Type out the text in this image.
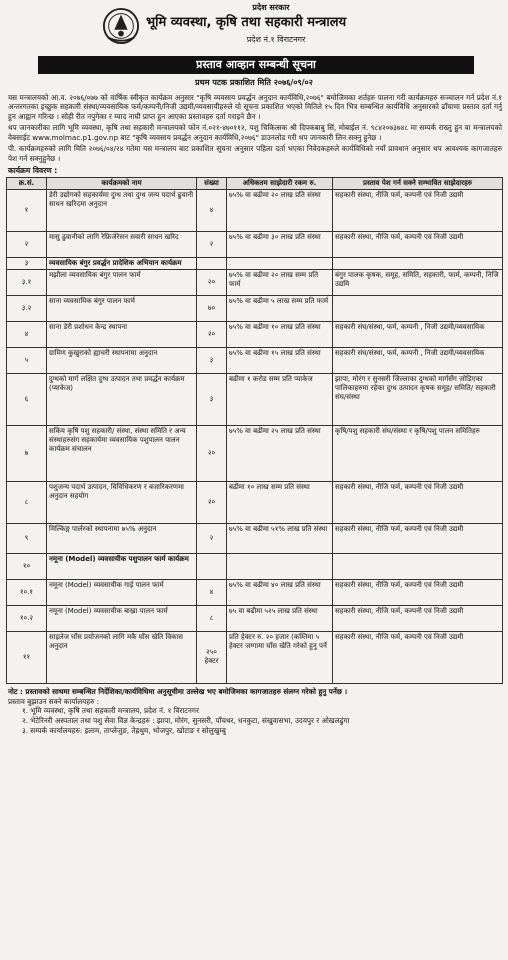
प्रदेश सरकार
भूमि व्यवस्था, कृषि तथा सहकारी मन्त्रालय
प्रदेश नं.१ विराटनगर
प्रस्ताव आव्हान सम्बन्धी सूचना
प्रथम पटक प्रकाशित मिति २०७६/०९/०२
यस मन्त्रालयको आ.व. २०७६/०७७ को वार्षिक स्वीकृत कार्यक्रम अनुसार "कृषि व्यवसाय प्रवर्द्धन अनुदान कार्यविधि,२०७६" बमोजिमका शर्तहरु पालना गरी कार्यक्रमहरु सञ्चालन गर्न प्रदेश नं.१ अन्तरगतका इच्छुक सहकारी संस्था/व्यवसायिक फर्म/कम्पनी/निजी उद्यमी/व्यवसायीहरुले यो सूचना प्रकाशित भएको मितिले १५ दिन भित्र सम्बन्धित कार्यविधि अनुसारको ढाँचामा प्रस्ताव दर्ता गर्नु हुन आह्वान गरिन्छ । सोही रीत नपुगेका र म्याद नाघी प्राप्त हुन आएका प्रस्तावहरु दर्ता गराइने छैन ।
थप जानकारीका लागि भूमि व्यवस्था, कृषि तथा सहकारी मन्त्रालयको फोन नं.०२१-४७०११२, पशु चिकित्सक श्री दिपकबाबु सिं, मोबाईल नं. ९८४२०७३७४८ मा सम्पर्क राख्नु हुन वा मन्त्रालयको वेबसाईट www.molmac.p1.gov.np बाट "कृषि व्यवसाय प्रवर्द्धन अनुदान कार्यविधि,२०७६" डाउनलोड गरी थप जानकारी लिन सक्नु हुनेछ ।
पी. कार्यक्रमहरुको लागि मिति २०७६/०४/२४ गतेमा यस मन्त्रालय बाट प्रकाशित सूचना अनुसार पहिला दर्ता भएका निवेदकहरुले कार्यविधिको नयाँ प्रावधान अनुसार थप आवश्यक कागजातहरु पेश गर्न सक्नुहुनेछ ।
कार्यक्रम विवरण :
क्र.सं.	कार्यक्रमको नाम	संख्या	अधिकतम साझेदारी रकम रु.	प्रस्ताव पेश गर्न सक्ने सम्भावित साझेदारहरु
१	डेरी उद्योगको सहकार्यमा दुग्ध तथा दुग्ध जन्य पदार्थ ढुवानी साधन खरिदमा अनुदान	४	७५% वा बढीमा २० लाख प्रति संस्था	सहकारी संस्था, नीजि फर्म, कम्पनी एवं निजी उद्यमी
२	मासु ढुवानीको लागि रेफ्रिजेरेसन सवारी साधन खरिद	२	७५% वा बढीमा ३० लाख प्रति संस्था	सहकारी संस्था, नीजि फर्म, कम्पनी एवं निजी उद्यमी
३	व्यवसायिक बंगुर प्रवर्द्धन प्रादेशिक अभियान कार्यक्रम			
३.१	मझौला व्यवसायिक बंगुर पालन फार्म	२०	७५% वा बढीमा २० लाख सम्म प्रति फार्म	बंगुर पालक कृषक, समूह, समिति, सहकारी, फार्म, कम्पनी, निजि उद्यमि
३.२	साना व्यवसायिक बंगुर पालन फार्म	७०	७५% वा बढीमा ५ लाख सम्म प्रति फार्म	
४	साना डेरी प्रशोधन केन्द्र स्थापना	२०	७५% वा बढीमा १० लाख प्रति संस्था	सहकारी संघ/संस्था, फर्म, कम्पनी , निजी उद्यमी/व्यवसायिक
५	ग्रामिण कुखुराको ह्याचरी स्थापनामा अनुदान	३	७५% वा बढीमा १५ लाख प्रति संस्था	सहकारी संघ/संस्था, फर्म, कम्पनी , निजी उद्यमी/व्यवसायिक
६	दुग्धको मार्ग लक्षित दुग्ध उत्पादन तथा प्रवर्द्धन कार्यक्रम (प्याकेज)	३	बढीमा १ करोड सम्म प्रति प्याकेज	झापा, मोरंग र सुनसरी जिल्लाका दुग्धको मार्गसँग जोडिएका पालिकाहरुमा रहेका दुग्ध उत्पादन कृषक समूह/ समिति/ सहकारी संघ/संस्था
७	सकिय कृषि पशु सहकारी/ संस्था, संस्था समिति र अन्य संस्थाहरुसंग सहकार्यमा व्यवसायिक पशुपालन पालन कार्यक्रम संचालन	२०	७५% वा बढीमा २५ लाख प्रति संस्था	कृषि/पशु सहकारी संघ/संस्था र कृषि/पशु पालन समितिहरु
८	पशुजन्य पदार्थ उत्पादन, विविधिकरण र बजारिकरणमा अनुदान सहयोग	२०	बढीमा १० लाख सम्म प्रति संस्था	सहकारी संस्था, नीजि फर्म, कम्पनी एवं निजी उद्यमी
९	मिल्किङ्ग पार्लरको स्थापनामा ७५% अनुदान	२	७५% वा बढीमा ५१% लाख प्रति संस्था	सहकारी संस्था, नीजि फर्म, कम्पनी एवं निजी उद्यमी
१०	नमूना (Model) व्यवसायीक पशुपालन फार्म कार्यक्रम			
१०.१	नमूना (Model) व्यवसायीक गाई पालन फार्म	४	७५% वा बढीमा ४० लाख प्रति संस्था	सहकारी संस्था, नीजि फर्म, कम्पनी एवं निजी उद्यमी
१०.२	नमूना (Model) व्यवसायीक बाख्रा पालन फार्म	८	७५ वा बढीमा ५२५ लाख प्रति संस्था	सहकारी संस्था, नीजि फर्म, कम्पनी एवं निजी उद्यमी
११	साइलेज घाँस प्रयोजनको लागि मकै घाँस खेति विकास अनुदान	२५० हेक्टर	प्रति हेक्टर रु. २० हजार (कम्तिमा ५ हेक्टर जग्गामा घाँस खेति गरेको हुनु पर्ने	सहकारी संस्था, नीजि फर्म, कम्पनी एवं निजी उद्यमी
नोट : प्रस्तावको साथमा सम्बन्धित निर्देशिका/कार्यविधिमा अनुसूचीमा उल्लेख भए बमोजिमका कागजातहरु संलग्न गरेको हुनु पर्नेछ ।
प्रस्ताव बुझाउन सक्ने कार्यालयहरु :
१. भूमि व्यवस्था, कृषि तथा सहकारी मन्त्रालय, प्रदेश नं. १ विराटनगर
२. भेटेरिनरी अस्पताल तथा पशु सेवा विज्ञ केन्द्रहरु : झापा, मोरंग, सुनसरी, पाँचथर, धनकुटा, संखुवासभा, उदयपुर र ओखलढुंगा
३. सम्पर्क कार्यालयहरु: इलाम, ताप्लेजुङ, तेह्रथुम, भोजपुर, खोटाङ र सोलुखुम्बु
